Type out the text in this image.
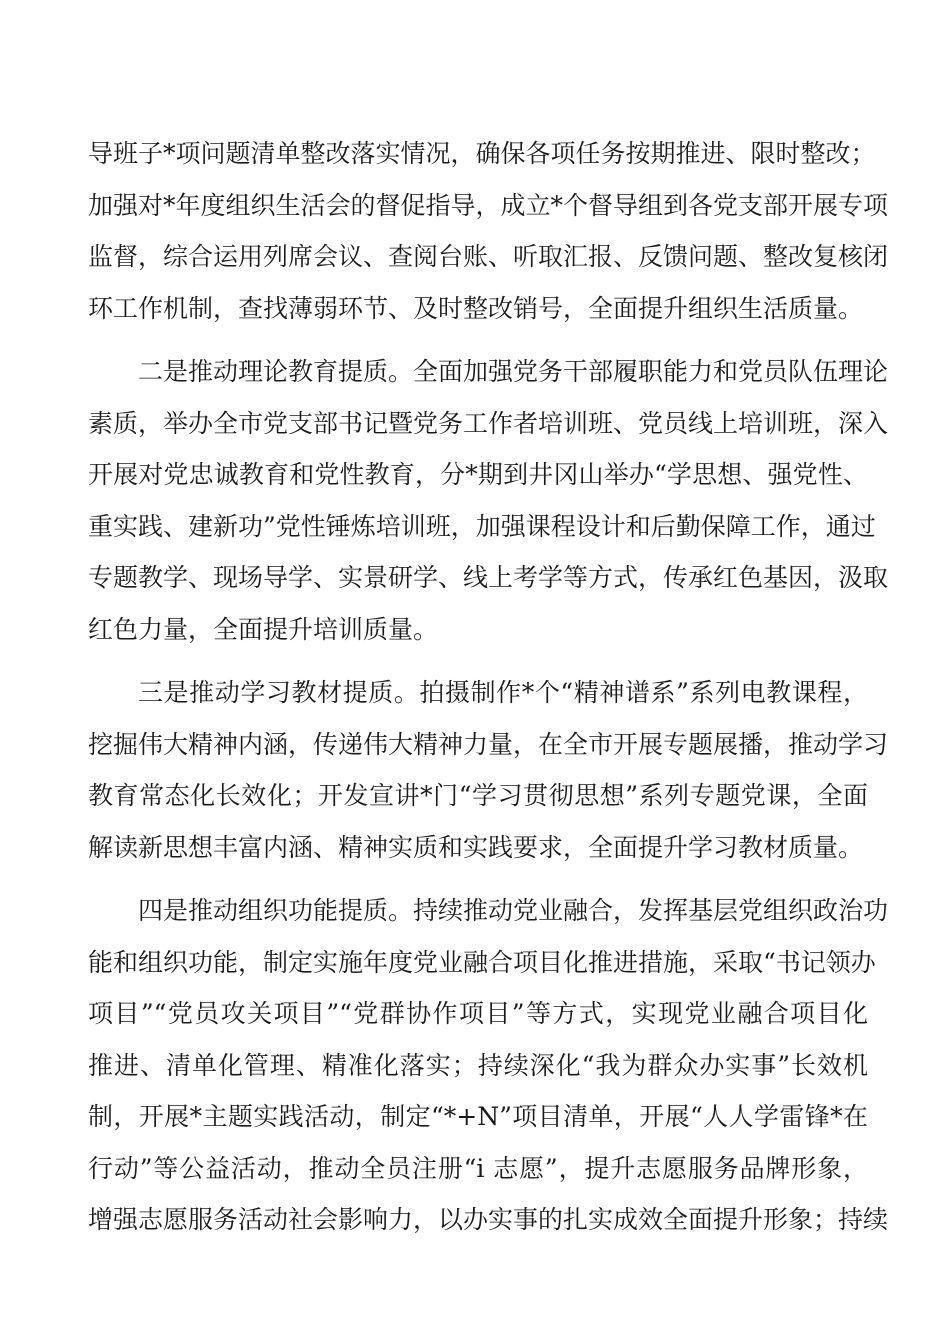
导班子*项问题清单整改落实情况，确保各项任务按期推进、限时整改；
加强对*年度组织生活会的督促指导，成立*个督导组到各党支部开展专项
监督，综合运用列席会议、查阅台账、听取汇报、反馈问题、整改复核闭
环工作机制，查找薄弱环节、及时整改销号，全面提升组织生活质量。
二是推动理论教育提质。全面加强党务干部履职能力和党员队伍理论
素质，举办全市党支部书记暨党务工作者培训班、党员线上培训班，深入
开展对党忠诚教育和党性教育，分*期到井冈山举办“学思想、强党性、
重实践、建新功”党性锤炼培训班，加强课程设计和后勤保障工作，通过
专题教学、现场导学、实景研学、线上考学等方式，传承红色基因，汲取
红色力量，全面提升培训质量。
三是推动学习教材提质。拍摄制作*个“精神谱系”系列电教课程，
挖掘伟大精神内涵，传递伟大精神力量，在全市开展专题展播，推动学习
教育常态化长效化；开发宣讲*门“学习贯彻思想”系列专题党课，全面
解读新思想丰富内涵、精神实质和实践要求，全面提升学习教材质量。
四是推动组织功能提质。持续推动党业融合，发挥基层党组织政治功
能和组织功能，制定实施年度党业融合项目化推进措施，采取“书记领办
项目”“党员攻关项目”“党群协作项目”等方式，实现党业融合项目化
推进、清单化管理、精准化落实；持续深化“我为群众办实事”长效机
制，开展*主题实践活动，制定“*+N”项目清单，开展“人人学雷锋*在
行动”等公益活动，推动全员注册“i 志愿”，提升志愿服务品牌形象，
增强志愿服务活动社会影响力，以办实事的扎实成效全面提升形象；持续
